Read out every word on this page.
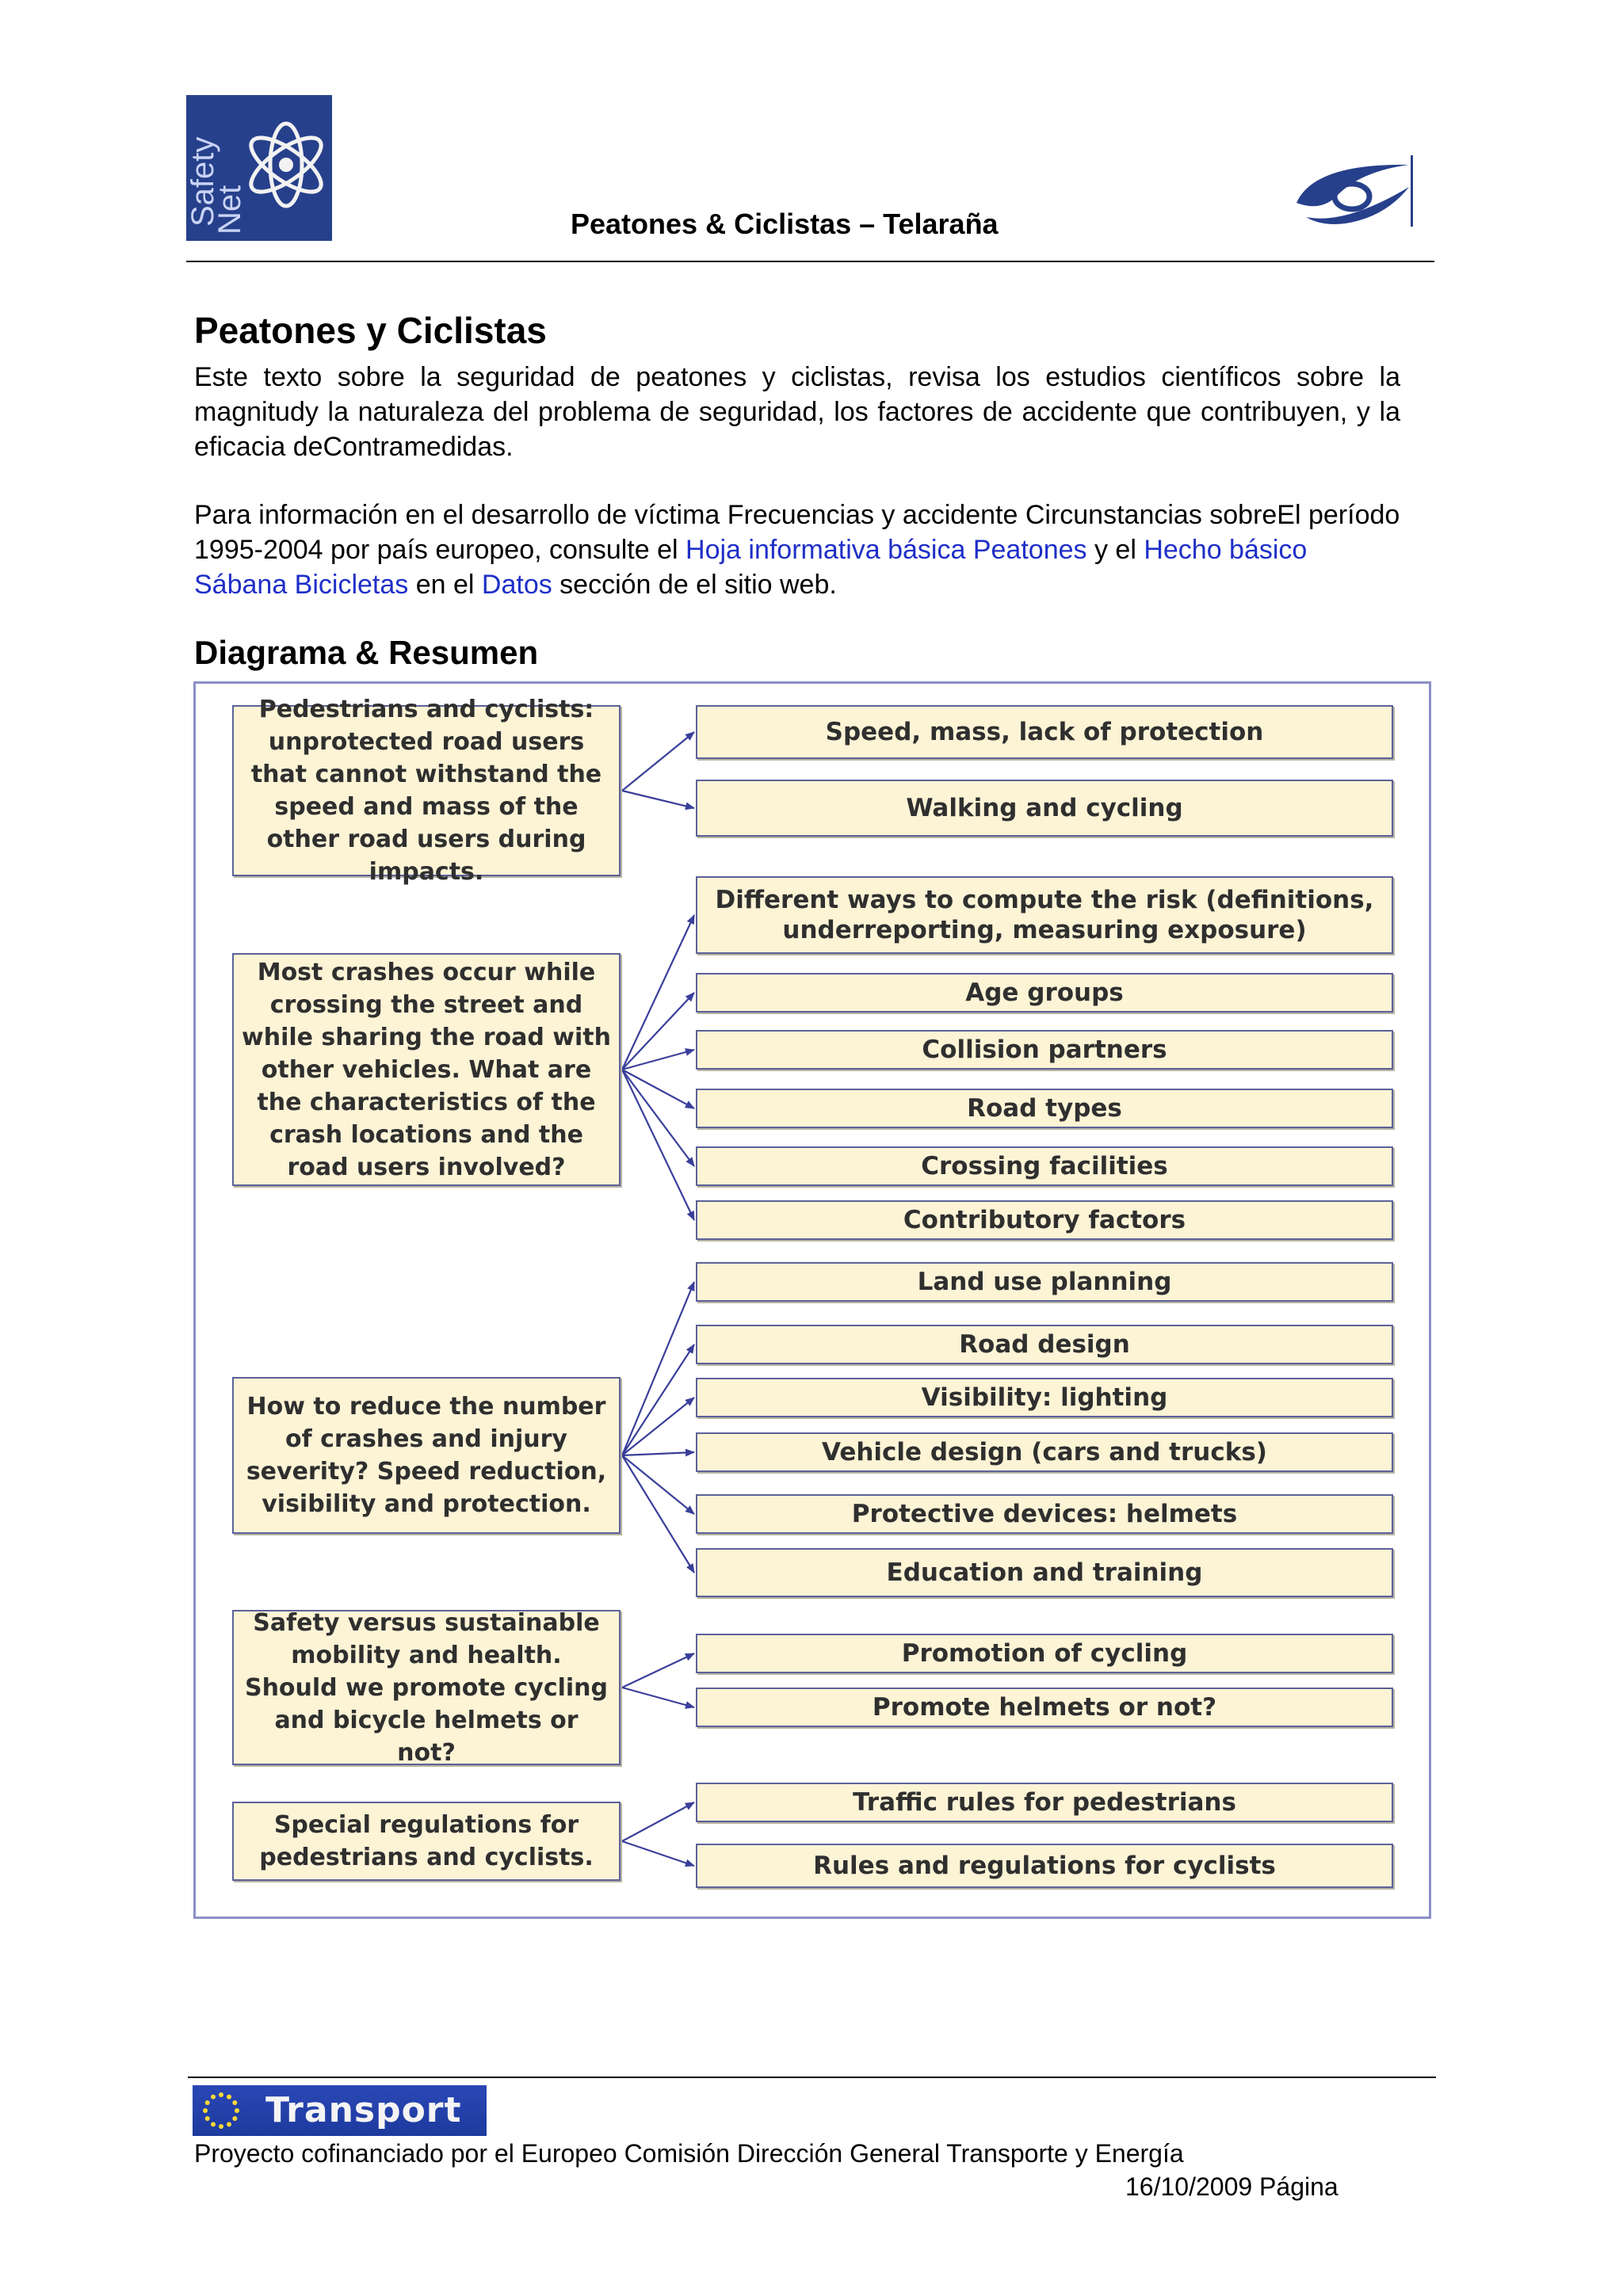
Safety
Net	Peatones & Ciclistas – Telaraña
Peatones y Ciclistas

Este texto sobre la seguridad de peatones y ciclistas, revisa los estudios científicos sobre la magnitudy la naturaleza del problema de seguridad, los factores de accidente que contribuyen, y la eficacia deContramedidas.

Para información en el desarrollo de víctima Frecuencias y accidente Circunstancias sobreEl período 1995-2004 por país europeo, consulte el Hoja informativa básica Peatones y el Hecho básico Sábana Bicicletas en el Datos sección de el sitio web.

Diagrama & Resumen
Pedestrians and cyclists: unprotected road users that cannot withstand the speed and mass of the other road users during impacts.
Most crashes occur while crossing the street and while sharing the road with other vehicles. What are the characteristics of the crash locations and the road users involved?
How to reduce the number of crashes and injury severity? Speed reduction, visibility and protection.
Safety versus sustainable mobility and health. Should we promote cycling and bicycle helmets or not?
Special regulations for pedestrians and cyclists.
Speed, mass, lack of protection
Walking and cycling
Different ways to compute the risk (definitions, underreporting, measuring exposure)
Age groups
Collision partners
Road types
Crossing facilities
Contributory factors
Land use planning
Road design
Visibility: lighting
Vehicle design (cars and trucks)
Protective devices: helmets
Education and training
Promotion of cycling
Promote helmets or not?
Traffic rules for pedestrians
Rules and regulations for cyclists
Transport
Proyecto cofinanciado por el Europeo Comisión Dirección General Transporte y Energía
16/10/2009 Página
